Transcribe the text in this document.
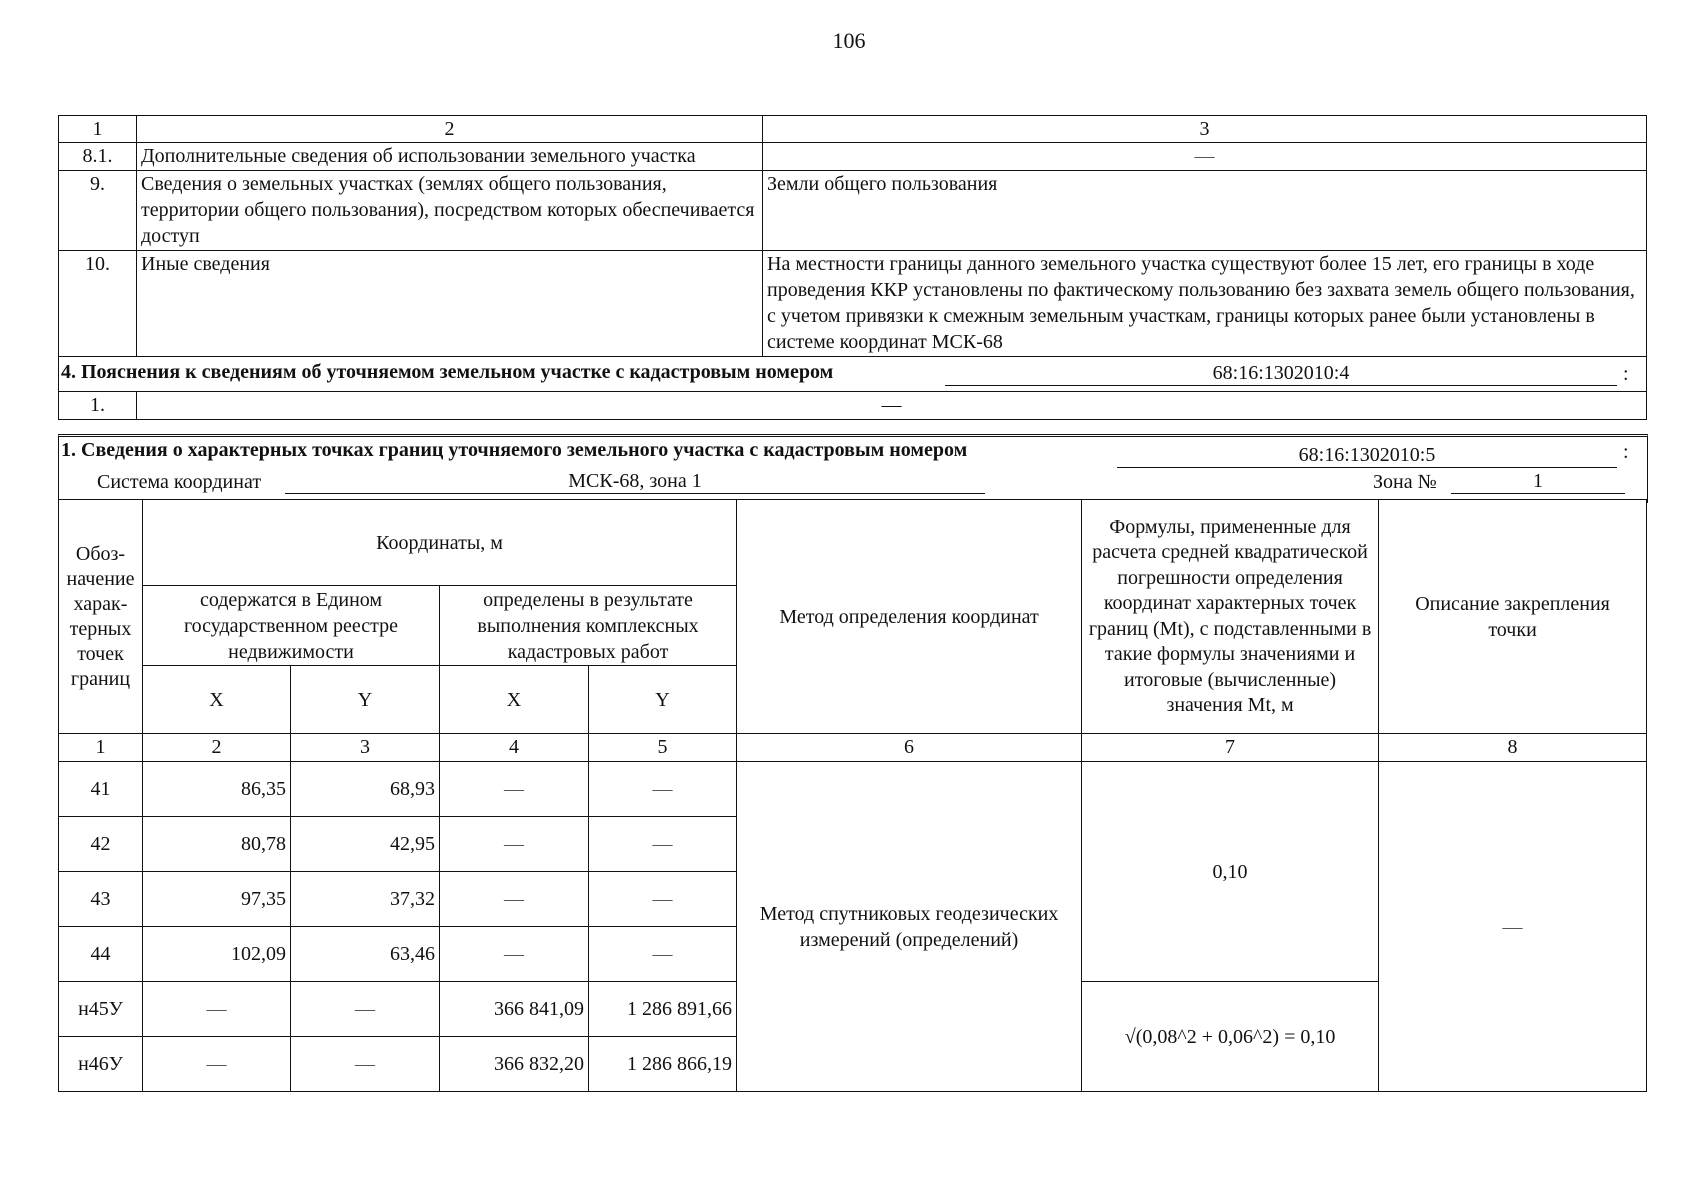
106
1	2	3
8.1.	Дополнительные сведения об использовании земельного участка	—
9.	Сведения о земельных участках (землях общего пользования, территории общего пользования), посредством которых обеспечивается доступ	Земли общего пользования
10.	Иные сведения	На местности границы данного земельного участка существуют более 15 лет, его границы в ходе проведения ККР установлены по фактическому пользованию без захвата земель общего пользования, с учетом привязки к смежным земельным участкам, границы которых ранее были установлены в системе координат МСК-68

4. Пояснения к сведениям об уточняемом земельном участке с кадастровым номером 68:16:1302010:4 :		

1.	—	
1. Сведения о характерных точках границ уточняемого земельного участка с кадастровым номером	68:16:1302010:5	:
Система координат	МСК-68, зона 1	Зона №	1
Обоз-начение харак-терных точек границ	Координаты, м				Метод определения координат	Формулы, примененные для расчета средней квадратической погрешности определения координат характерных точек границ (Mt), с подставленными в такие формулы значениями и итоговые (вычисленные) значения Mt, м	Описание закрепления точки
	содержатся в Едином государственном реестре недвижимости		определены в результате выполнения комплексных кадастровых работ				
	X	Y	X	Y			
1	2	3	4	5	6	7	8
41	86,35	68,93	—	—	Метод спутниковых геодезических измерений (определений)	0,10	—
42	80,78	42,95	—	—			
43	97,35	37,32	—	—			
44	102,09	63,46	—	—			
н45У	—	—	366 841,09	1 286 891,66		√(0,08^2 + 0,06^2) = 0,10	
н46У	—	—	366 832,20	1 286 866,19			
